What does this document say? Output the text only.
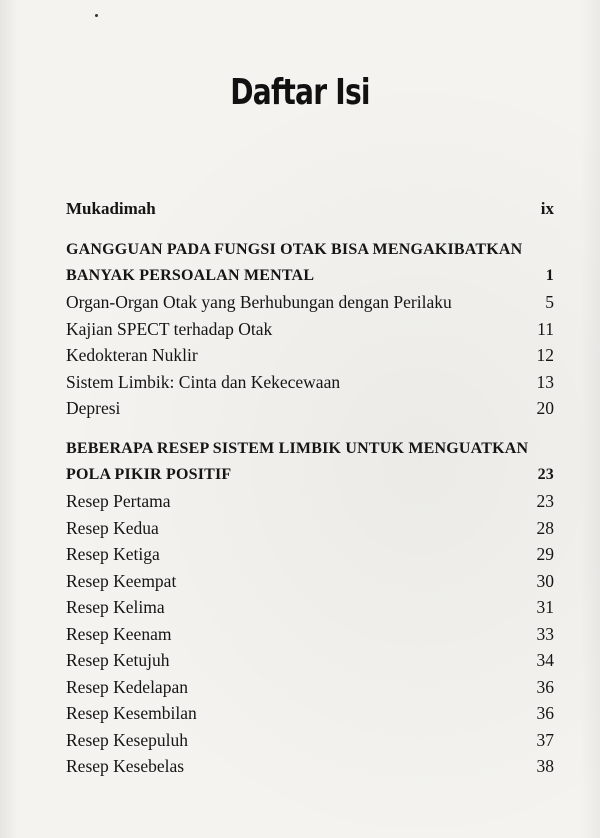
Daftar Isi
Mukadimah	ix
GANGGUAN PADA FUNGSI OTAK BISA MENGAKIBATKAN
BANYAK PERSOALAN MENTAL	1
Organ-Organ Otak yang Berhubungan dengan Perilaku	5
Kajian SPECT terhadap Otak	11
Kedokteran Nuklir	12
Sistem Limbik: Cinta dan Kekecewaan	13
Depresi	20
BEBERAPA RESEP SISTEM LIMBIK UNTUK MENGUATKAN
POLA PIKIR POSITIF	23
Resep Pertama	23
Resep Kedua	28
Resep Ketiga	29
Resep Keempat	30
Resep Kelima	31
Resep Keenam	33
Resep Ketujuh	34
Resep Kedelapan	36
Resep Kesembilan	36
Resep Kesepuluh	37
Resep Kesebelas	38
